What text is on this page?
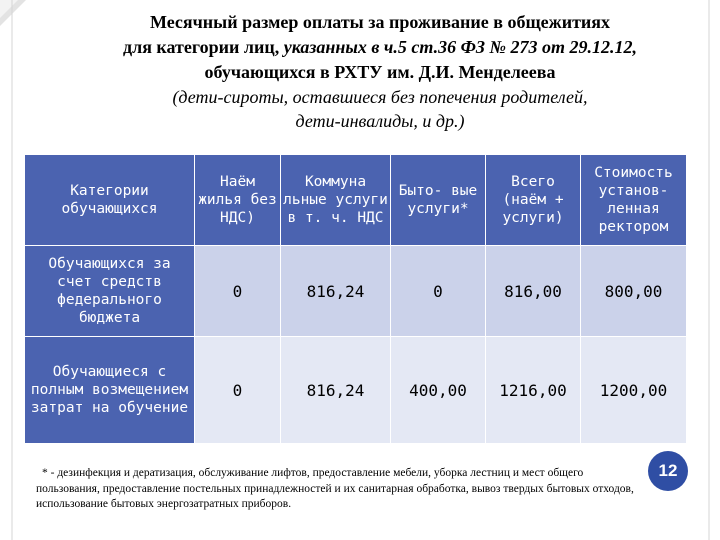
Месячный размер оплаты за проживание в общежитиях
для категории лиц, указанных в ч.5 ст.36 ФЗ № 273 от 29.12.12,
обучающихся в РХТУ им. Д.И. Менделеева
(дети-сироты, оставшиеся без попечения родителей,
дети-инвалиды, и др.)
Категории обучающихся	Наём жилья без НДС)	Коммуна льные услуги в т. ч. НДС	Быто- вые услуги*	Всего (наём + услуги)	Стоимость установ- ленная ректором
Обучающихся за счет средств федерального бюджета	0	816,24	0	816,00	800,00
Обучающиеся с полным возмещением затрат на обучение	0	816,24	400,00	1216,00	1200,00
* - дезинфекция и дератизация, обслуживание лифтов, предоставление мебели, уборка лестниц и мест общего пользования, предоставление постельных принадлежностей и их санитарная обработка, вывоз твердых бытовых отходов, использование бытовых энергозатратных приборов.
12
